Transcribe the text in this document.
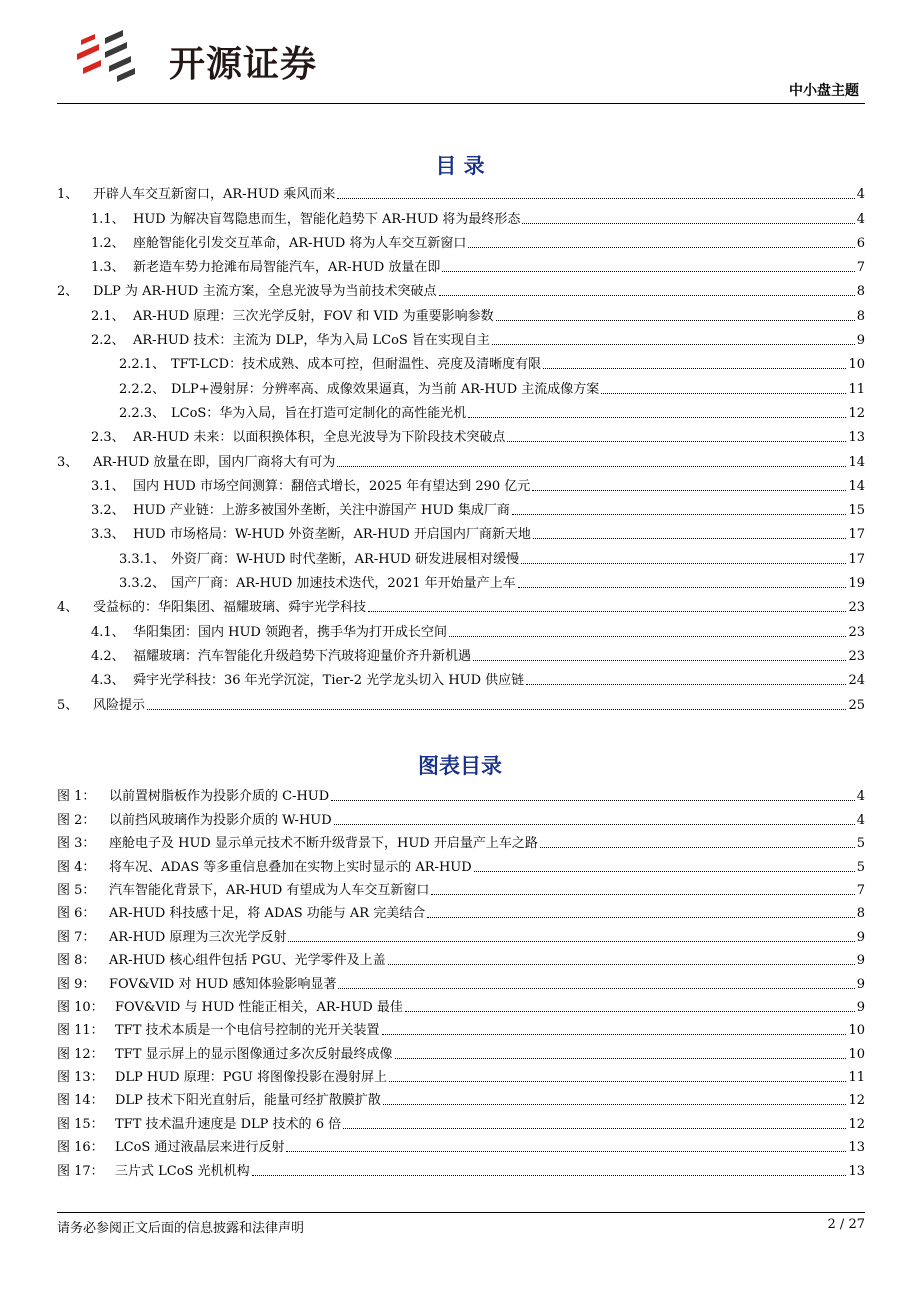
开源证券
中小盘主题
目 录
1、	开辟人车交互新窗口，AR-HUD 乘风而来	4
1.1、 HUD 为解决盲驾隐患而生，智能化趋势下 AR-HUD 将为最终形态	4
1.2、 座舱智能化引发交互革命，AR-HUD 将为人车交互新窗口	6
1.3、 新老造车势力抢滩布局智能汽车，AR-HUD 放量在即	7
2、	DLP 为 AR-HUD 主流方案，全息光波导为当前技术突破点	8
2.1、 AR-HUD 原理：三次光学反射，FOV 和 VID 为重要影响参数	8
2.2、 AR-HUD 技术：主流为 DLP，华为入局 LCoS 旨在实现自主	9
2.2.1、 TFT-LCD：技术成熟、成本可控，但耐温性、亮度及清晰度有限	10
2.2.2、 DLP+漫射屏：分辨率高、成像效果逼真，为当前 AR-HUD 主流成像方案	11
2.2.3、 LCoS：华为入局，旨在打造可定制化的高性能光机	12
2.3、 AR-HUD 未来：以面积换体积，全息光波导为下阶段技术突破点	13
3、	AR-HUD 放量在即，国内厂商将大有可为	14
3.1、 国内 HUD 市场空间测算：翻倍式增长，2025 年有望达到 290 亿元	14
3.2、 HUD 产业链：上游多被国外垄断，关注中游国产 HUD 集成厂商	15
3.3、 HUD 市场格局：W-HUD 外资垄断，AR-HUD 开启国内厂商新天地	17
3.3.1、 外资厂商：W-HUD 时代垄断，AR-HUD 研发进展相对缓慢	17
3.3.2、 国产厂商：AR-HUD 加速技术迭代，2021 年开始量产上车	19
4、	受益标的：华阳集团、福耀玻璃、舜宇光学科技	23
4.1、 华阳集团：国内 HUD 领跑者，携手华为打开成长空间	23
4.2、 福耀玻璃：汽车智能化升级趋势下汽玻将迎量价齐升新机遇	23
4.3、 舜宇光学科技：36 年光学沉淀，Tier-2 光学龙头切入 HUD 供应链	24
5、	风险提示	25
图表目录
图 1：	以前置树脂板作为投影介质的 C-HUD	4
图 2：	以前挡风玻璃作为投影介质的 W-HUD	4
图 3：	座舱电子及 HUD 显示单元技术不断升级背景下，HUD 开启量产上车之路	5
图 4：	将车况、ADAS 等多重信息叠加在实物上实时显示的 AR-HUD	5
图 5：	汽车智能化背景下，AR-HUD 有望成为人车交互新窗口	7
图 6：	AR-HUD 科技感十足，将 ADAS 功能与 AR 完美结合	8
图 7：	AR-HUD 原理为三次光学反射	9
图 8：	AR-HUD 核心组件包括 PGU、光学零件及上盖	9
图 9：	FOV&VID 对 HUD 感知体验影响显著	9
图 10： FOV&VID 与 HUD 性能正相关，AR-HUD 最佳	9
图 11： TFT 技术本质是一个电信号控制的光开关装置	10
图 12： TFT 显示屏上的显示图像通过多次反射最终成像	10
图 13： DLP HUD 原理：PGU 将图像投影在漫射屏上	11
图 14： DLP 技术下阳光直射后，能量可经扩散膜扩散	12
图 15： TFT 技术温升速度是 DLP 技术的 6 倍	12
图 16： LCoS 通过液晶层来进行反射	13
图 17： 三片式 LCoS 光机机构	13
请务必参阅正文后面的信息披露和法律声明	2 / 27
